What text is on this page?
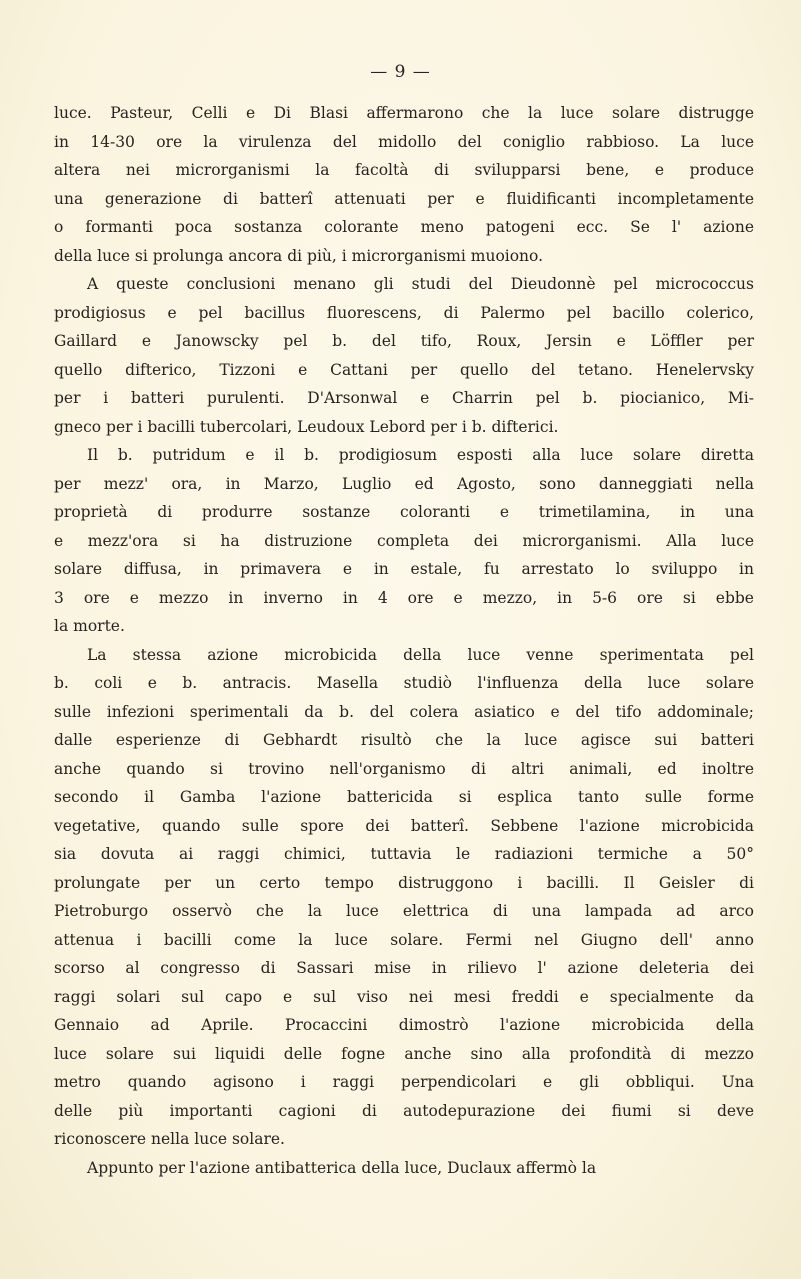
— 9 —
luce. Pasteur, Celli e Di Blasi affermarono che la luce solare distrugge
in 14-30 ore la virulenza del midollo del coniglio rabbioso. La luce
altera nei microrganismi la facoltà di svilupparsi bene, e produce
una generazione di batterî attenuati per e fluidificanti incompletamente
o formanti poca sostanza colorante meno patogeni ecc. Se l' azione
della luce si prolunga ancora di più, i microrganismi muoiono.
A queste conclusioni menano gli studi del Dieudonnè pel micrococcus
prodigiosus e pel bacillus fluorescens, di Palermo pel bacillo colerico,
Gaillard e Janowscky pel b. del tifo, Roux, Jersin e Löffler per
quello difterico, Tizzoni e Cattani per quello del tetano. Henelervsky
per i batteri purulenti. D'Arsonwal e Charrin pel b. piocianico, Mi-
gneco per i bacilli tubercolari, Leudoux Lebord per i b. difterici.
Il b. putridum e il b. prodigiosum esposti alla luce solare diretta
per mezz' ora, in Marzo, Luglio ed Agosto, sono danneggiati nella
proprietà di produrre sostanze coloranti e trimetilamina, in una
e mezz'ora si ha distruzione completa dei microrganismi. Alla luce
solare diffusa, in primavera e in estale, fu arrestato lo sviluppo in
3 ore e mezzo in inverno in 4 ore e mezzo, in 5-6 ore si ebbe
la morte.
La stessa azione microbicida della luce venne sperimentata pel
b. coli e b. antracis. Masella studiò l'influenza della luce solare
sulle infezioni sperimentali da b. del colera asiatico e del tifo addominale;
dalle esperienze di Gebhardt risultò che la luce agisce sui batteri
anche quando si trovino nell'organismo di altri animali, ed inoltre
secondo il Gamba l'azione battericida si esplica tanto sulle forme
vegetative, quando sulle spore dei batterî. Sebbene l'azione microbicida
sia dovuta ai raggi chimici, tuttavia le radiazioni termiche a 50°
prolungate per un certo tempo distruggono i bacilli. Il Geisler di
Pietroburgo osservò che la luce elettrica di una lampada ad arco
attenua i bacilli come la luce solare. Fermi nel Giugno dell' anno
scorso al congresso di Sassari mise in rilievo l' azione deleteria dei
raggi solari sul capo e sul viso nei mesi freddi e specialmente da
Gennaio ad Aprile. Procaccini dimostrò l'azione microbicida della
luce solare sui liquidi delle fogne anche sino alla profondità di mezzo
metro quando agisono i raggi perpendicolari e gli obbliqui. Una
delle più importanti cagioni di autodepurazione dei fiumi si deve
riconoscere nella luce solare.
Appunto per l'azione antibatterica della luce, Duclaux affermò la
